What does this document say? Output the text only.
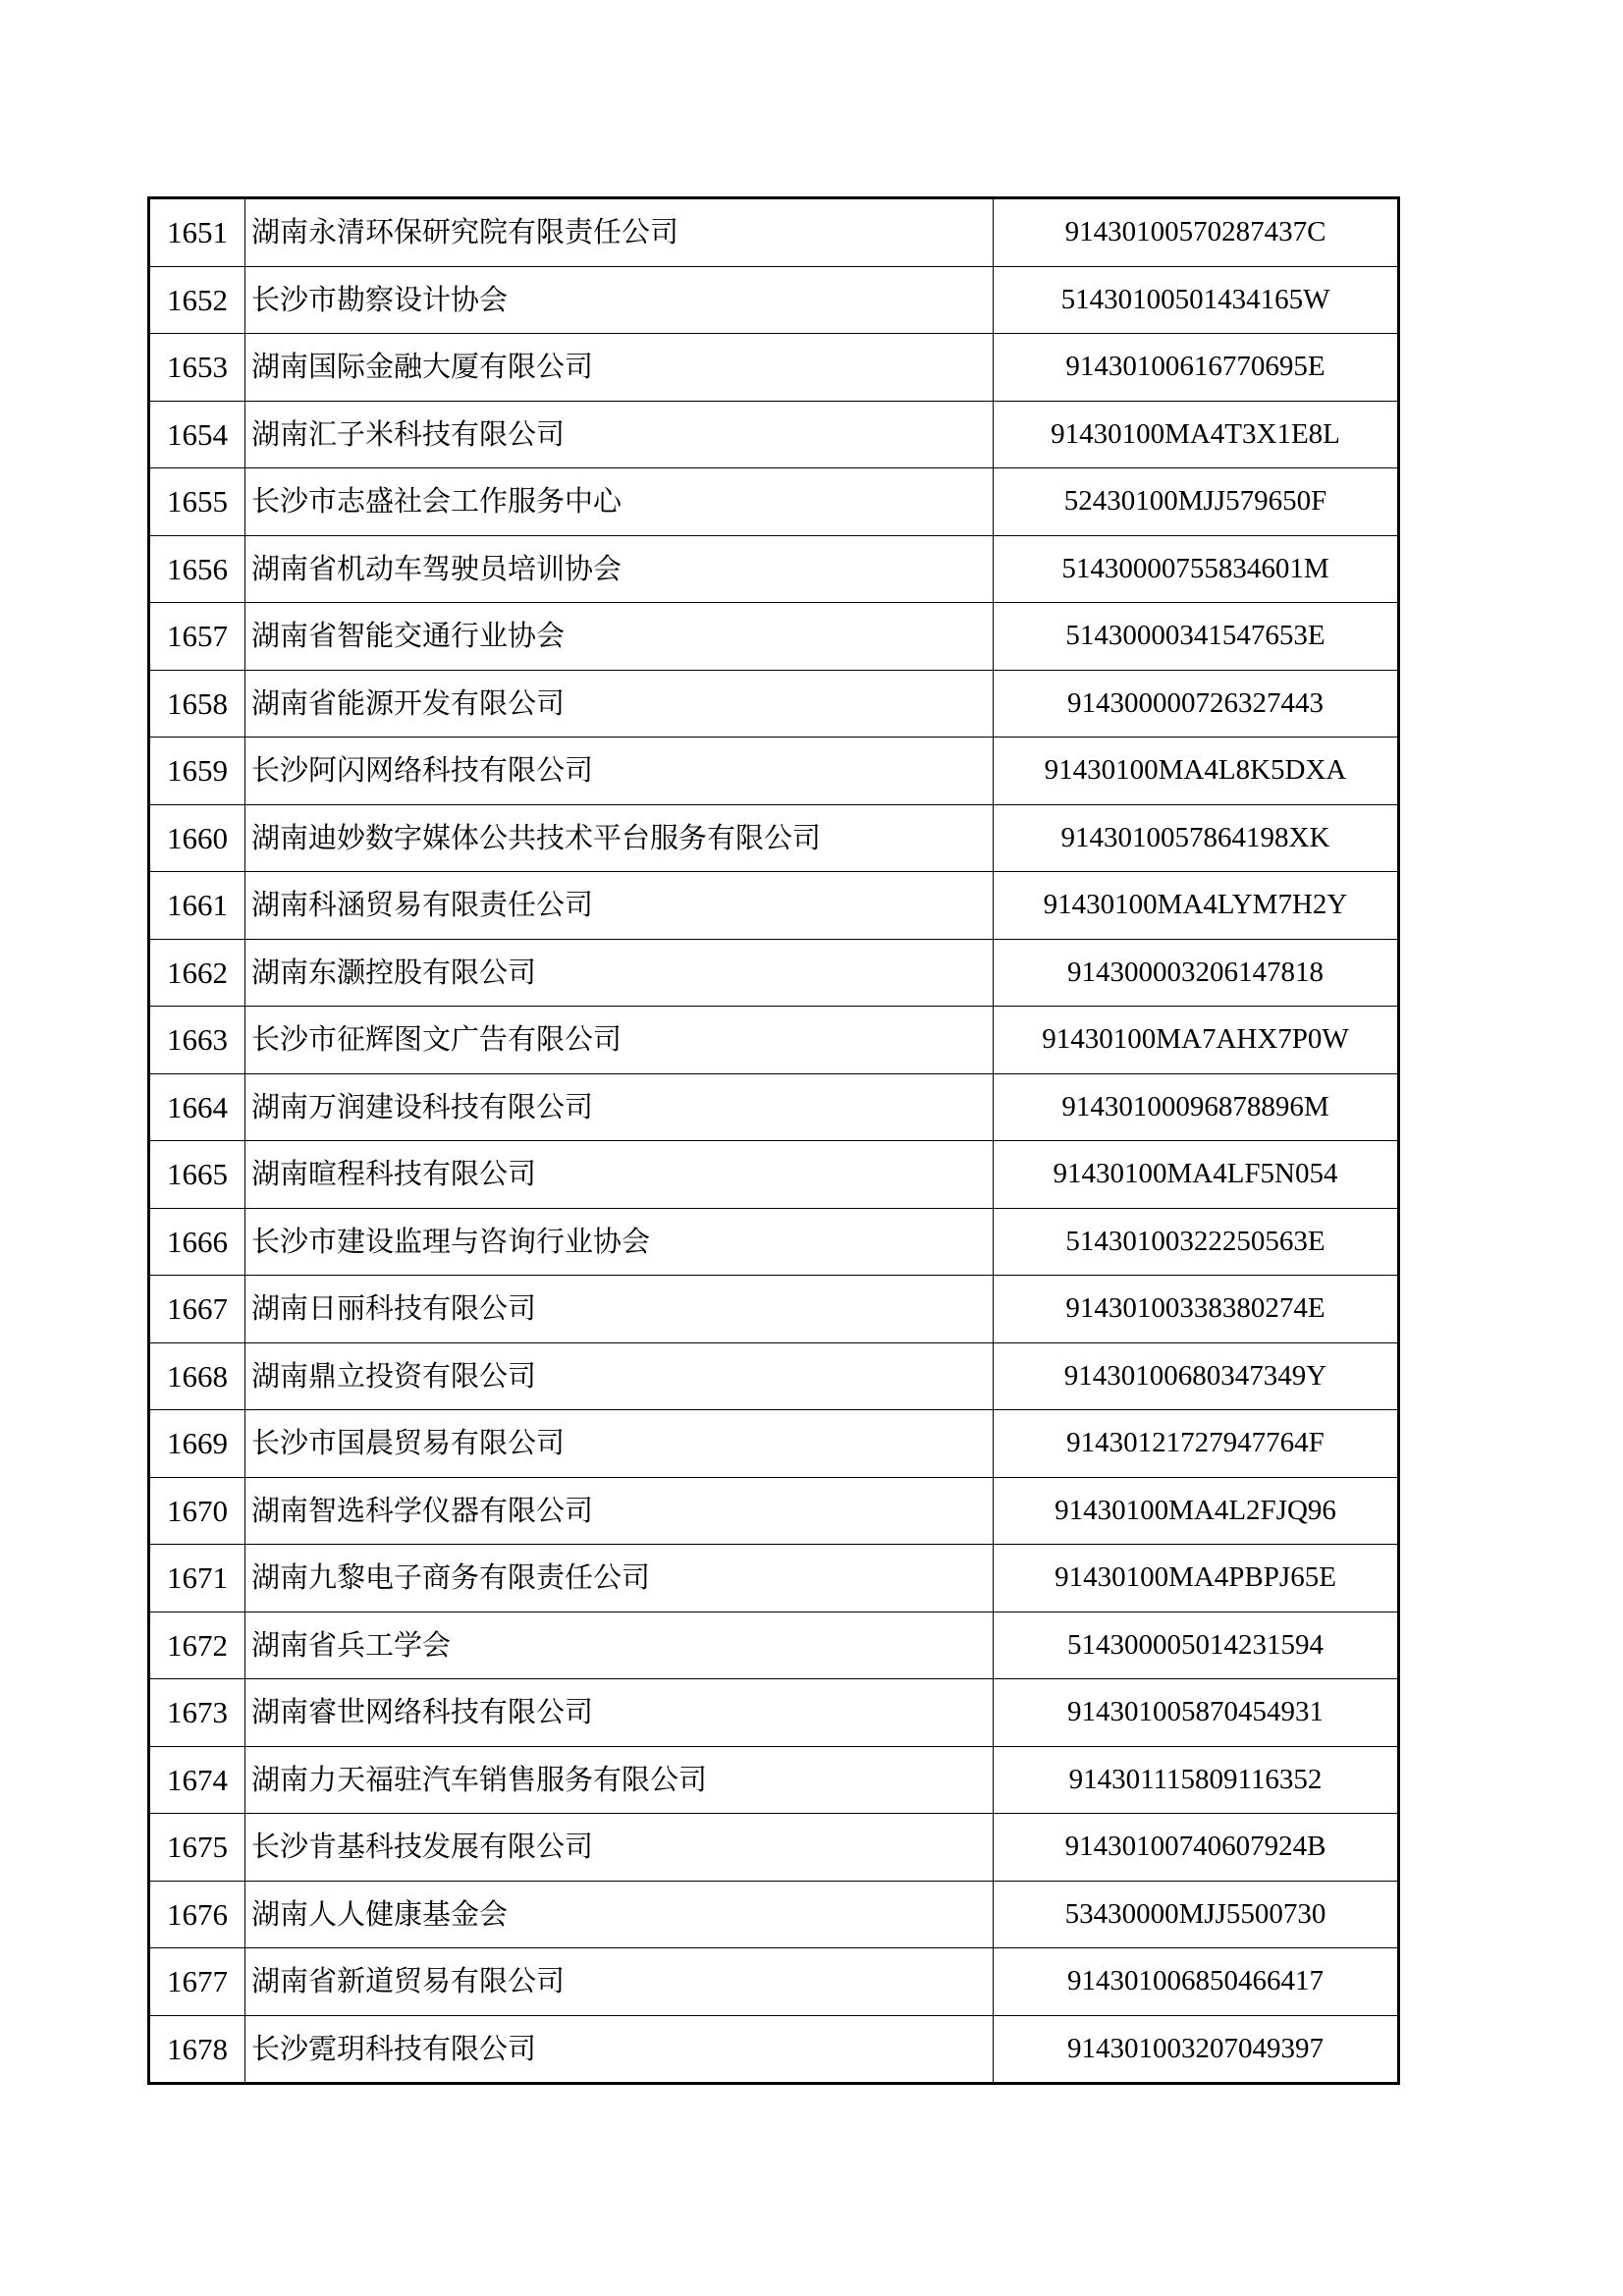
1651	湖南永清环保研究院有限责任公司	91430100570287437C
1652	长沙市勘察设计协会	51430100501434165W
1653	湖南国际金融大厦有限公司	91430100616770695E
1654	湖南汇子米科技有限公司	91430100MA4T3X1E8L
1655	长沙市志盛社会工作服务中心	52430100MJJ579650F
1656	湖南省机动车驾驶员培训协会	51430000755834601M
1657	湖南省智能交通行业协会	51430000341547653E
1658	湖南省能源开发有限公司	914300000726327443
1659	长沙阿闪网络科技有限公司	91430100MA4L8K5DXA
1660	湖南迪妙数字媒体公共技术平台服务有限公司	9143010057864198XK
1661	湖南科涵贸易有限责任公司	91430100MA4LYM7H2Y
1662	湖南东灏控股有限公司	914300003206147818
1663	长沙市征辉图文广告有限公司	91430100MA7AHX7P0W
1664	湖南万润建设科技有限公司	91430100096878896M
1665	湖南暄程科技有限公司	91430100MA4LF5N054
1666	长沙市建设监理与咨询行业协会	51430100322250563E
1667	湖南日丽科技有限公司	91430100338380274E
1668	湖南鼎立投资有限公司	91430100680347349Y
1669	长沙市国晨贸易有限公司	91430121727947764F
1670	湖南智选科学仪器有限公司	91430100MA4L2FJQ96
1671	湖南九黎电子商务有限责任公司	91430100MA4PBPJ65E
1672	湖南省兵工学会	514300005014231594
1673	湖南睿世网络科技有限公司	914301005870454931
1674	湖南力天福驻汽车销售服务有限公司	914301115809116352
1675	长沙肯基科技发展有限公司	91430100740607924B
1676	湖南人人健康基金会	53430000MJJ5500730
1677	湖南省新道贸易有限公司	914301006850466417
1678	长沙霓玥科技有限公司	914301003207049397
